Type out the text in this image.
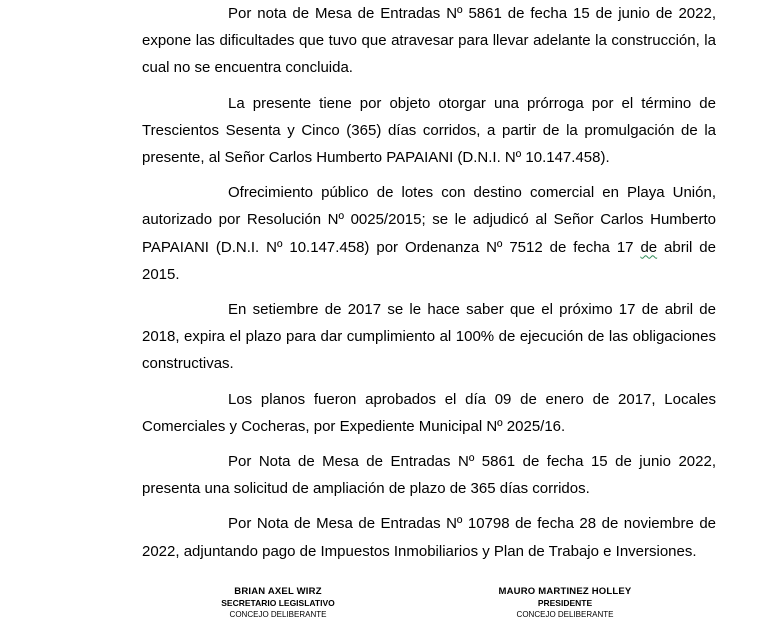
Por nota de Mesa de Entradas Nº 5861 de fecha 15 de junio de 2022, expone las dificultades que tuvo que atravesar para llevar adelante la construcción, la cual no se encuentra concluida.

La presente tiene por objeto otorgar una prórroga por el término de Trescientos Sesenta y Cinco (365) días corridos, a partir de la promulgación de la presente, al Señor Carlos Humberto PAPAIANI (D.N.I. Nº 10.147.458).

Ofrecimiento público de lotes con destino comercial en Playa Unión, autorizado por Resolución Nº 0025/2015; se le adjudicó al Señor Carlos Humberto PAPAIANI (D.N.I. Nº 10.147.458) por Ordenanza Nº 7512 de fecha 17 de abril de 2015.

En setiembre de 2017 se le hace saber que el próximo 17 de abril de 2018, expira el plazo para dar cumplimiento al 100% de ejecución de las obligaciones constructivas.

Los planos fueron aprobados el día 09 de enero de 2017, Locales Comerciales y Cocheras, por Expediente Municipal Nº 2025/16.

Por Nota de Mesa de Entradas Nº 5861 de fecha 15 de junio 2022, presenta una solicitud de ampliación de plazo de 365 días corridos.

Por Nota de Mesa de Entradas Nº 10798 de fecha 28 de noviembre de 2022, adjuntando pago de Impuestos Inmobiliarios y Plan de Trabajo e Inversiones.

BRIAN AXEL WIRZ
SECRETARIO LEGISLATIVO
CONCEJO DELIBERANTE
MAURO MARTINEZ HOLLEY
PRESIDENTE
CONCEJO DELIBERANTE
